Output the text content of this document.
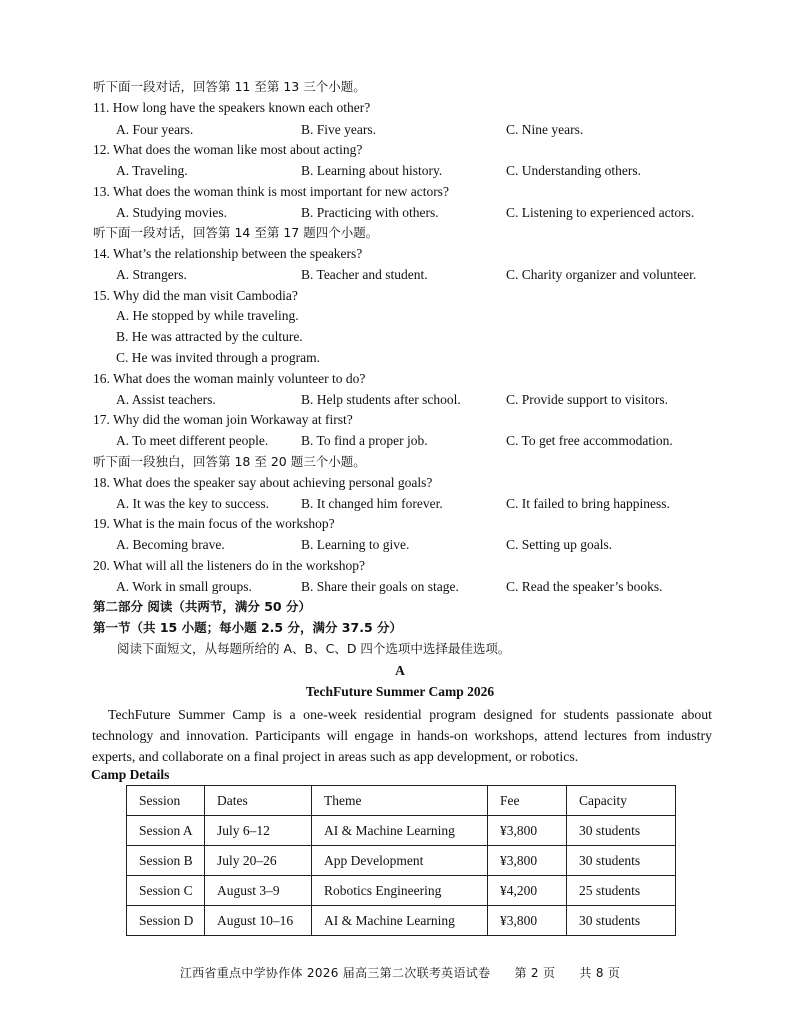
听下面一段对话，回答第 11 至第 13 三个小题。
11. How long have the speakers known each other?
A. Four years.	B. Five years.	C. Nine years.
12. What does the woman like most about acting?
A. Traveling.	B. Learning about history.	C. Understanding others.
13. What does the woman think is most important for new actors?
A. Studying movies.	B. Practicing with others.	C. Listening to experienced actors.
听下面一段对话，回答第 14 至第 17 题四个小题。
14. What’s the relationship between the speakers?
A. Strangers.	B. Teacher and student.	C. Charity organizer and volunteer.
15. Why did the man visit Cambodia?
A. He stopped by while traveling.
B. He was attracted by the culture.
C. He was invited through a program.
16. What does the woman mainly volunteer to do?
A. Assist teachers.	B. Help students after school.	C. Provide support to visitors.
17. Why did the woman join Workaway at first?
A. To meet different people. B. To find a proper job.	C. To get free accommodation.
听下面一段独白，回答第 18 至 20 题三个小题。
18. What does the speaker say about achieving personal goals?
A. It was the key to success. B. It changed him forever.	C. It failed to bring happiness.
19. What is the main focus of the workshop?
A. Becoming brave.	B. Learning to give.	C. Setting up goals.
20. What will all the listeners do in the workshop?
A. Work in small groups.	B. Share their goals on stage.	C. Read the speaker’s books.
第二部分 阅读（共两节，满分 50 分）
第一节（共 15 小题；每小题 2.5 分，满分 37.5 分）
阅读下面短文，从每题所给的 A、B、C、D 四个选项中选择最佳选项。
A
TechFuture Summer Camp 2026
TechFuture Summer Camp is a one-week residential program designed for students passionate about technology and innovation. Participants will engage in hands-on workshops, attend lectures from industry experts, and collaborate on a final project in areas such as app development, or robotics.
Camp Details
Session	Dates	Theme	Fee	Capacity
Session A	July 6–12	AI & Machine Learning	¥3,800	30 students
Session B	July 20–26	App Development	¥3,800	30 students
Session C	August 3–9	Robotics Engineering	¥4,200	25 students
Session D	August 10–16	AI & Machine Learning	¥3,800	30 students
江西省重点中学协作体 2026 届高三第二次联考英语试卷 第 2 页 共 8 页
